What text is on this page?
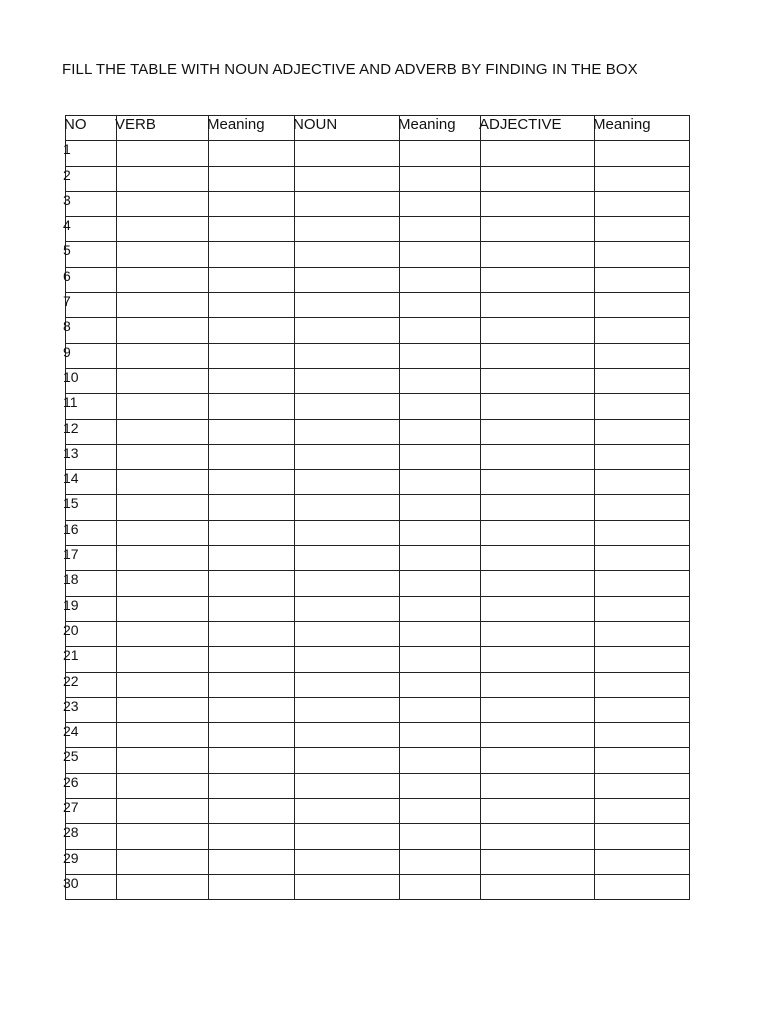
FILL THE TABLE WITH NOUN ADJECTIVE AND ADVERB BY FINDING IN THE BOX
NO	VERB	Meaning	NOUN	Meaning	ADJECTIVE	Meaning
1						
2						
3						
4						
5						
6						
7						
8						
9						
10						
11						
12						
13						
14						
15						
16						
17						
18						
19						
20						
21						
22						
23						
24						
25						
26						
27						
28						
29						
30						
